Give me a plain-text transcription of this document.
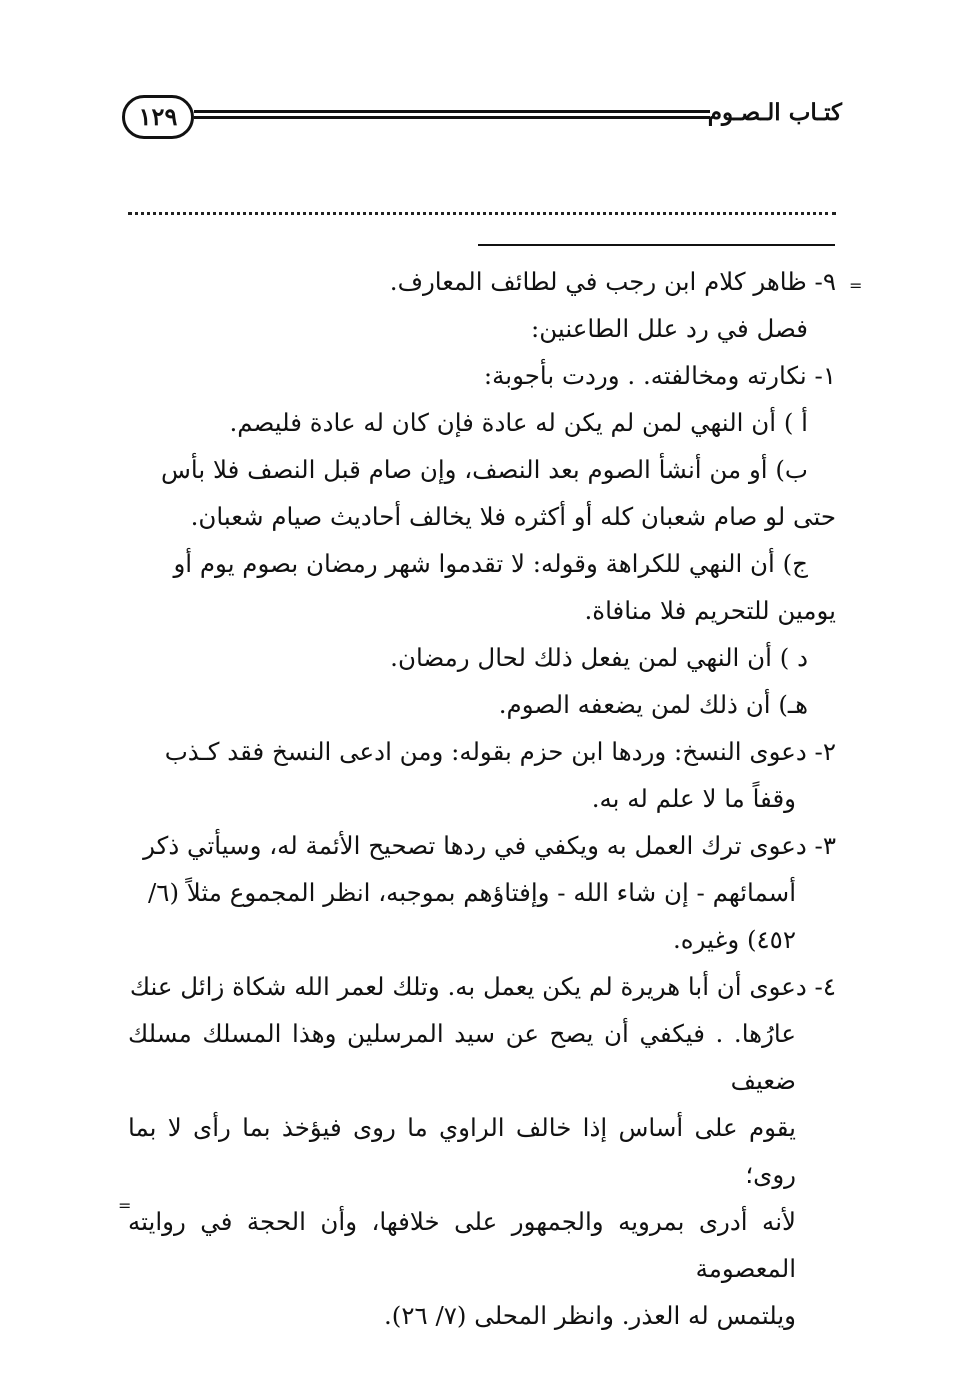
١٢٩	كتـاب الـصـوم
=

٩- ظاهر كلام ابن رجب في لطائف المعارف.

فصل في رد علل الطاعنين:

١- نكارته ومخالفته. . وردت بأجوبة:

أ ) أن النهي لمن لم يكن له عادة فإن كان له عادة فليصم.

ب) أو من أنشأ الصوم بعد النصف، وإن صام قبل النصف فلا بأس

حتى لو صام شعبان كله أو أكثره فلا يخالف أحاديث صيام شعبان.

ج) أن النهي للكراهة وقوله: لا تقدموا شهر رمضان بصوم يوم أو

يومين للتحريم فلا منافاة.

د ) أن النهي لمن يفعل ذلك لحال رمضان.

هـ) أن ذلك لمن يضعفه الصوم.

٢- دعوى النسخ: وردها ابن حزم بقوله: ومن ادعى النسخ فقد كـذب

وقفاً ما لا علم له به.

٣- دعوى ترك العمل به ويكفي في ردها تصحيح الأئمة له، وسيأتي ذكر

أسمائهم - إن شاء الله - وإفتاؤهم بموجبه، انظر المجموع مثلاً (٦/

٤٥٢) وغيره.

٤- دعوى أن أبا هريرة لم يكن يعمل به. وتلك لعمر الله شكاة زائل عنك

عارُها. . فيكفي أن يصح عن سيد المرسلين وهذا المسلك مسلك ضعيف

يقوم على أساس إذا خالف الراوي ما روى فيؤخذ بما رأى لا بما روى؛

لأنه أدرى بمرويه والجمهور على خلافها، وأن الحجة في روايته المعصومة

ويلتمس له العذر. وانظر المحلى (٧/ ٢٦).

=
